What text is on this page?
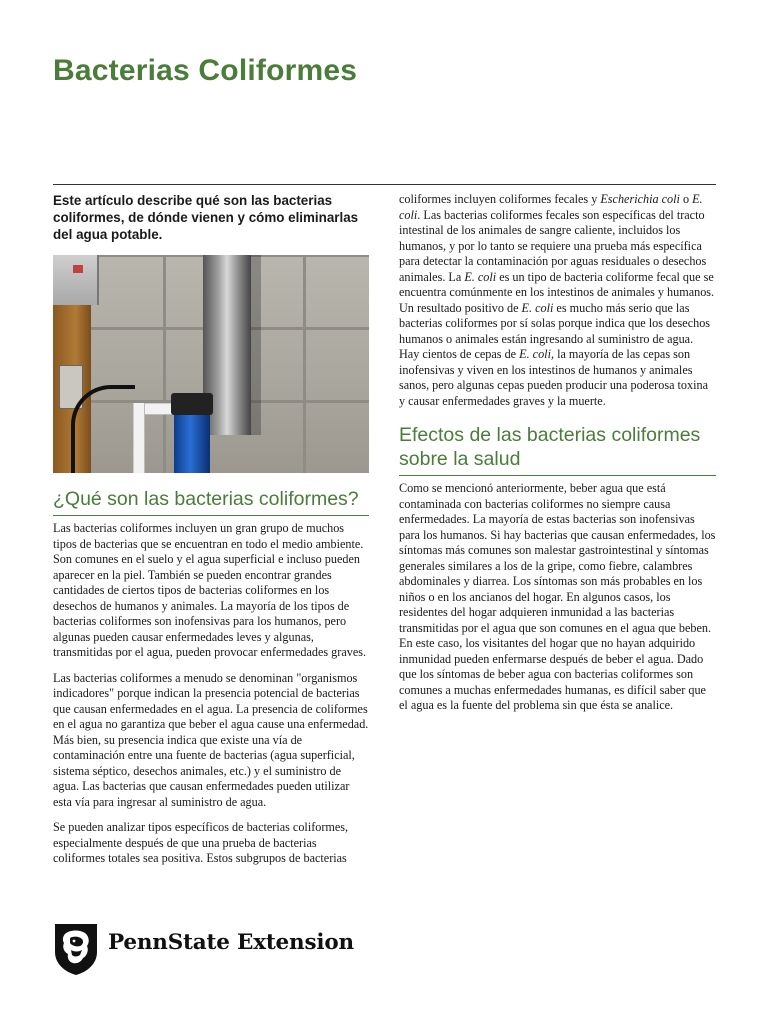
Bacterias Coliformes

Este artículo describe qué son las bacterias coliformes, de dónde vienen y cómo eliminarlas del agua potable.

¿Qué son las bacterias coliformes?

Las bacterias coliformes incluyen un gran grupo de muchos tipos de bacterias que se encuentran en todo el medio ambiente. Son comunes en el suelo y el agua superficial e incluso pueden aparecer en la piel. También se pueden encontrar grandes cantidades de ciertos tipos de bacterias coliformes en los desechos de humanos y animales. La mayoría de los tipos de bacterias coliformes son inofensivas para los humanos, pero algunas pueden causar enfermedades leves y algunas, transmitidas por el agua, pueden provocar enfermedades graves.

Las bacterias coliformes a menudo se denominan "organismos indicadores" porque indican la presencia potencial de bacterias que causan enfermedades en el agua. La presencia de coliformes en el agua no garantiza que beber el agua cause una enfermedad. Más bien, su presencia indica que existe una vía de contaminación entre una fuente de bacterias (agua superficial, sistema séptico, desechos animales, etc.) y el suministro de agua. Las bacterias que causan enfermedades pueden utilizar esta vía para ingresar al suministro de agua.

Se pueden analizar tipos específicos de bacterias coliformes, especialmente después de que una prueba de bacterias coliformes totales sea positiva. Estos subgrupos de bacterias

coliformes incluyen coliformes fecales y Escherichia coli o E. coli. Las bacterias coliformes fecales son específicas del tracto intestinal de los animales de sangre caliente, incluidos los humanos, y por lo tanto se requiere una prueba más específica para detectar la contaminación por aguas residuales o desechos animales. La E. coli es un tipo de bacteria coliforme fecal que se encuentra comúnmente en los intestinos de animales y humanos. Un resultado positivo de E. coli es mucho más serio que las bacterias coliformes por sí solas porque indica que los desechos humanos o animales están ingresando al suministro de agua. Hay cientos de cepas de E. coli, la mayoría de las cepas son inofensivas y viven en los intestinos de humanos y animales sanos, pero algunas cepas pueden producir una poderosa toxina y causar enfermedades graves y la muerte.

Efectos de las bacterias coliformes sobre la salud

Como se mencionó anteriormente, beber agua que está contaminada con bacterias coliformes no siempre causa enfermedades. La mayoría de estas bacterias son inofensivas para los humanos. Si hay bacterias que causan enfermedades, los síntomas más comunes son malestar gastrointestinal y síntomas generales similares a los de la gripe, como fiebre, calambres abdominales y diarrea. Los síntomas son más probables en los niños o en los ancianos del hogar. En algunos casos, los residentes del hogar adquieren inmunidad a las bacterias transmitidas por el agua que son comunes en el agua que beben. En este caso, los visitantes del hogar que no hayan adquirido inmunidad pueden enfermarse después de beber el agua. Dado que los síntomas de beber agua con bacterias coliformes son comunes a muchas enfermedades humanas, es difícil saber que el agua es la fuente del problema sin que ésta se analice.

PennState Extension
